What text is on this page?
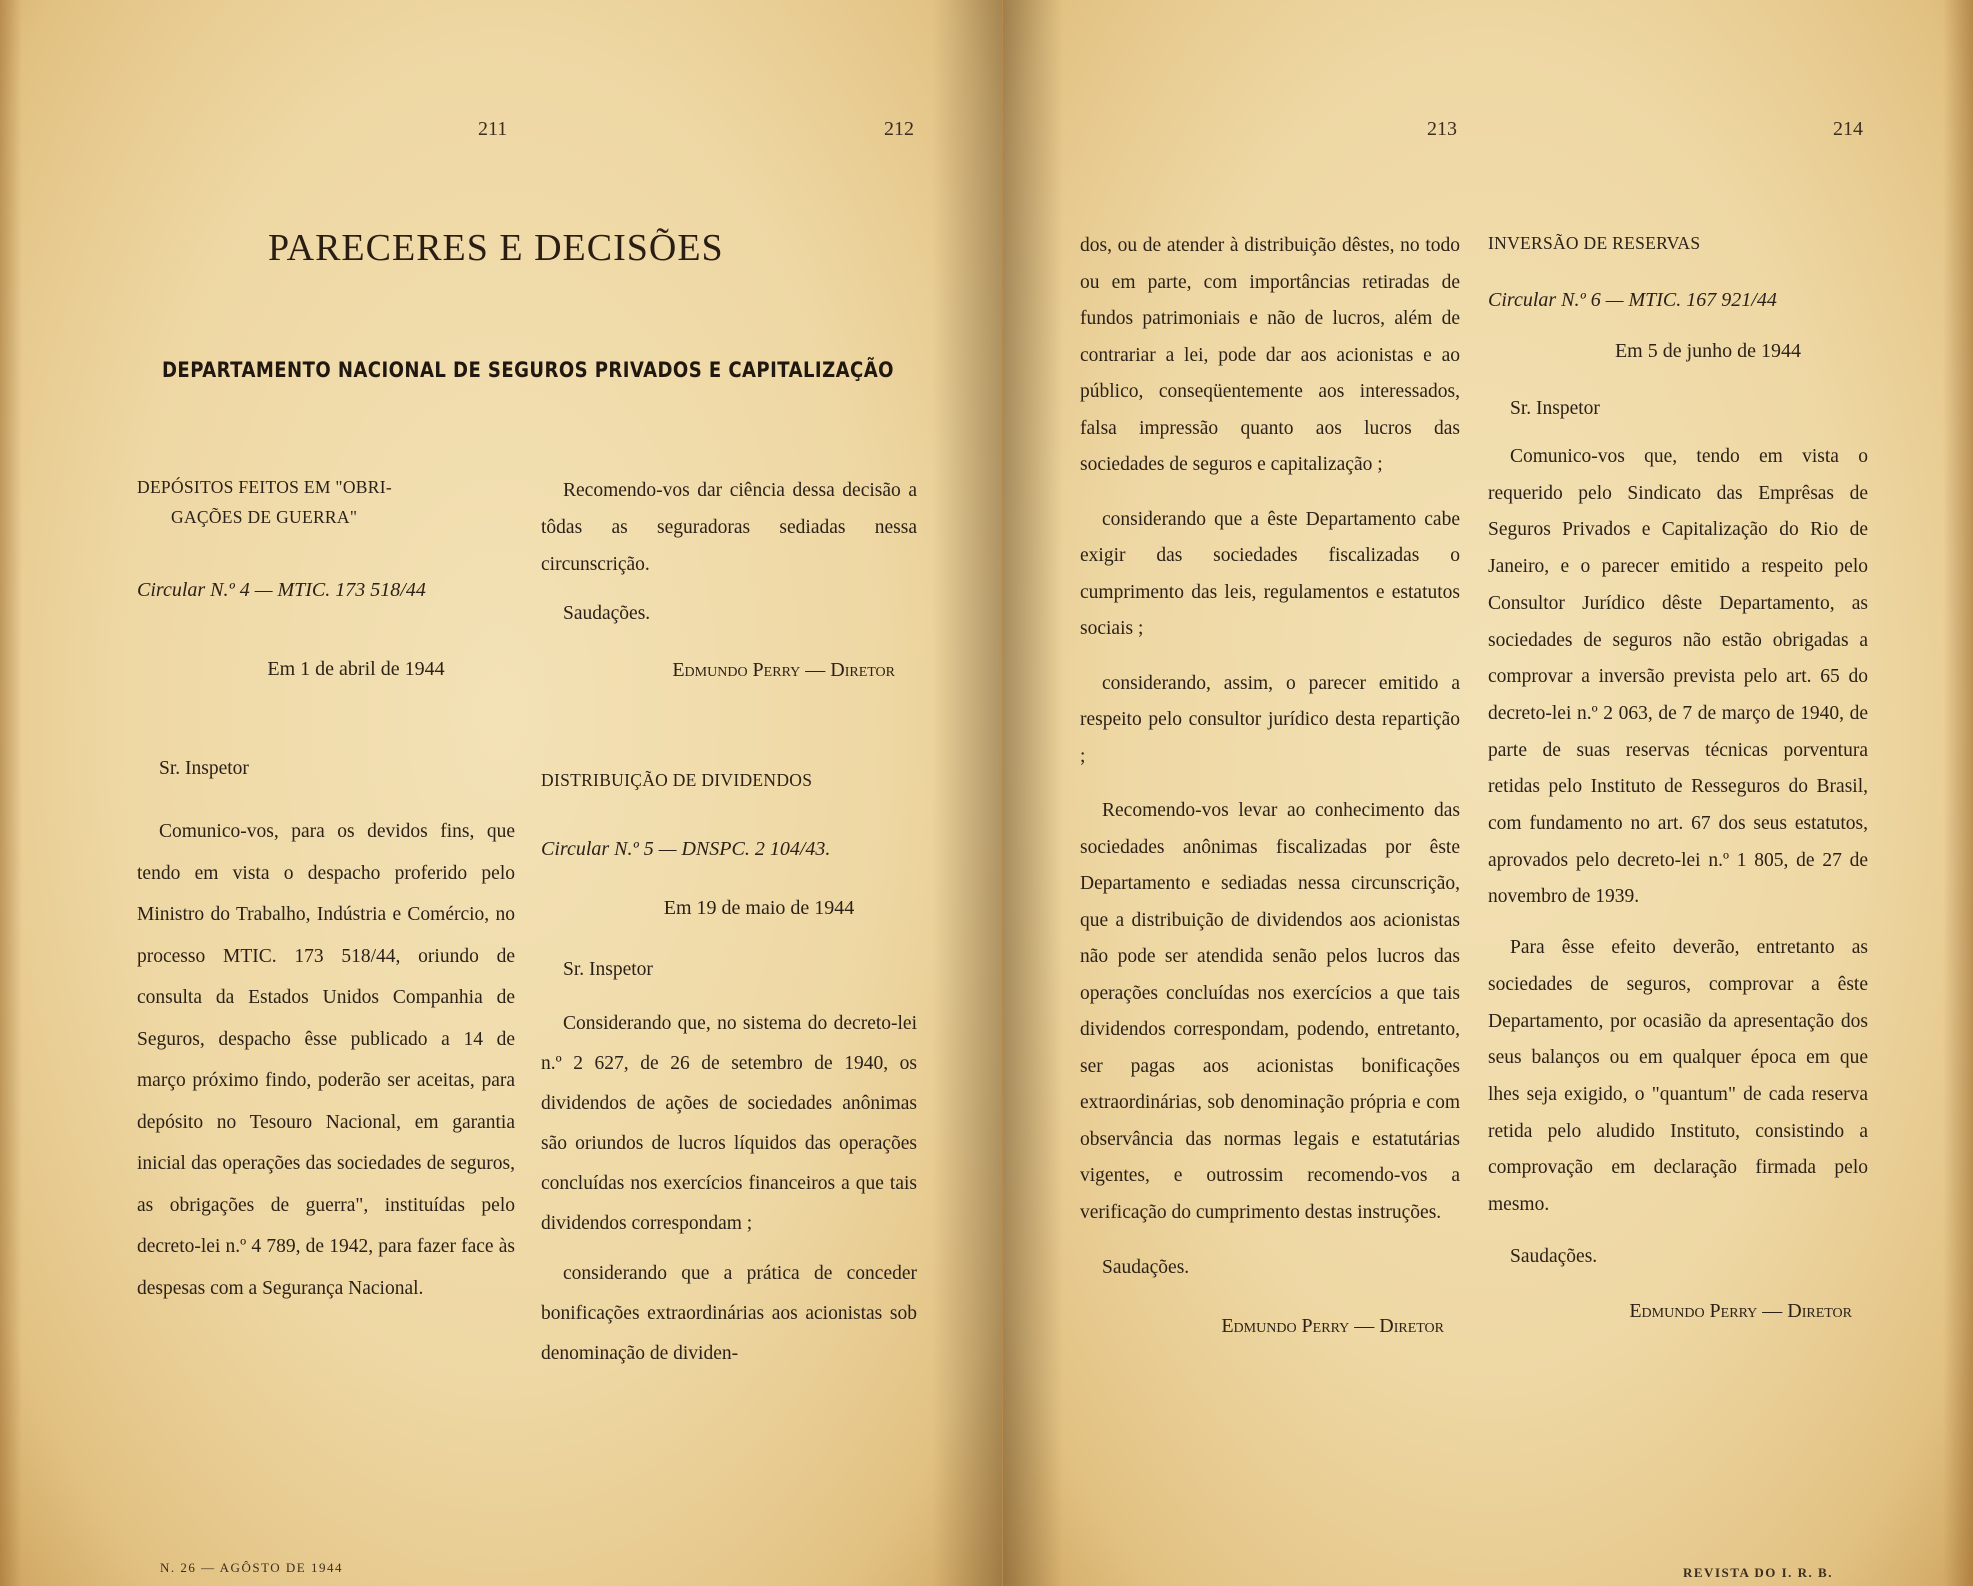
211	212
PARECERES E DECISÕES
DEPARTAMENTO NACIONAL DE SEGUROS PRIVADOS E CAPITALIZAÇÃO
DEPÓSITOS FEITOS EM "OBRI-
GAÇÕES DE GUERRA"
Circular N.º 4 — MTIC. 173 518/44
Em 1 de abril de 1944

Sr. Inspetor

Comunico-vos, para os devidos fins, que tendo em vista o despacho proferido pelo Ministro do Trabalho, Indústria e Comércio, no processo MTIC. 173 518/44, oriundo de consulta da Estados Unidos Companhia de Seguros, despacho êsse publicado a 14 de março próximo findo, poderão ser aceitas, para depósito no Tesouro Nacional, em garantia inicial das operações das sociedades de seguros, as obrigações de guerra", instituídas pelo decreto-lei n.º 4 789, de 1942, para fazer face às despesas com a Segurança Nacional.

Recomendo-vos dar ciência dessa decisão a tôdas as seguradoras sediadas nessa circunscrição.

Saudações.

Edmundo Perry — Diretor
DISTRIBUIÇÃO DE DIVIDENDOS
Circular N.º 5 — DNSPC. 2 104/43.
Em 19 de maio de 1944

Sr. Inspetor

Considerando que, no sistema do decreto-lei n.º 2 627, de 26 de setembro de 1940, os dividendos de ações de sociedades anônimas são oriundos de lucros líquidos das operações concluídas nos exercícios financeiros a que tais dividendos correspondam ;

considerando que a prática de conceder bonificações extraordinárias aos acionistas sob denominação de dividen-

N. 26 — AGÔSTO DE 1944
213	214

dos, ou de atender à distribuição dêstes, no todo ou em parte, com importâncias retiradas de fundos patrimoniais e não de lucros, além de contrariar a lei, pode dar aos acionistas e ao público, conseqüentemente aos interessados, falsa impressão quanto aos lucros das sociedades de seguros e capitalização ;

considerando que a êste Departamento cabe exigir das sociedades fiscalizadas o cumprimento das leis, regulamentos e estatutos sociais ;

considerando, assim, o parecer emitido a respeito pelo consultor jurídico desta repartição ;

Recomendo-vos levar ao conhecimento das sociedades anônimas fiscalizadas por êste Departamento e sediadas nessa circunscrição, que a distribuição de dividendos aos acionistas não pode ser atendida senão pelos lucros das operações concluídas nos exercícios a que tais dividendos correspondam, podendo, entretanto, ser pagas aos acionistas bonificações extraordinárias, sob denominação própria e com observância das normas legais e estatutárias vigentes, e outrossim recomendo-vos a verificação do cumprimento destas instruções.

Saudações.

Edmundo Perry — Diretor
INVERSÃO DE RESERVAS
Circular N.º 6 — MTIC. 167 921/44
Em 5 de junho de 1944

Sr. Inspetor

Comunico-vos que, tendo em vista o requerido pelo Sindicato das Emprêsas de Seguros Privados e Capitalização do Rio de Janeiro, e o parecer emitido a respeito pelo Consultor Jurídico dêste Departamento, as sociedades de seguros não estão obrigadas a comprovar a inversão prevista pelo art. 65 do decreto-lei n.º 2 063, de 7 de março de 1940, de parte de suas reservas técnicas porventura retidas pelo Instituto de Resseguros do Brasil, com fundamento no art. 67 dos seus estatutos, aprovados pelo decreto-lei n.º 1 805, de 27 de novembro de 1939.

Para êsse efeito deverão, entretanto as sociedades de seguros, comprovar a êste Departamento, por ocasião da apresentação dos seus balanços ou em qualquer época em que lhes seja exigido, o "quantum" de cada reserva retida pelo aludido Instituto, consistindo a comprovação em declaração firmada pelo mesmo.

Saudações.

Edmundo Perry — Diretor
REVISTA DO I. R. B.
